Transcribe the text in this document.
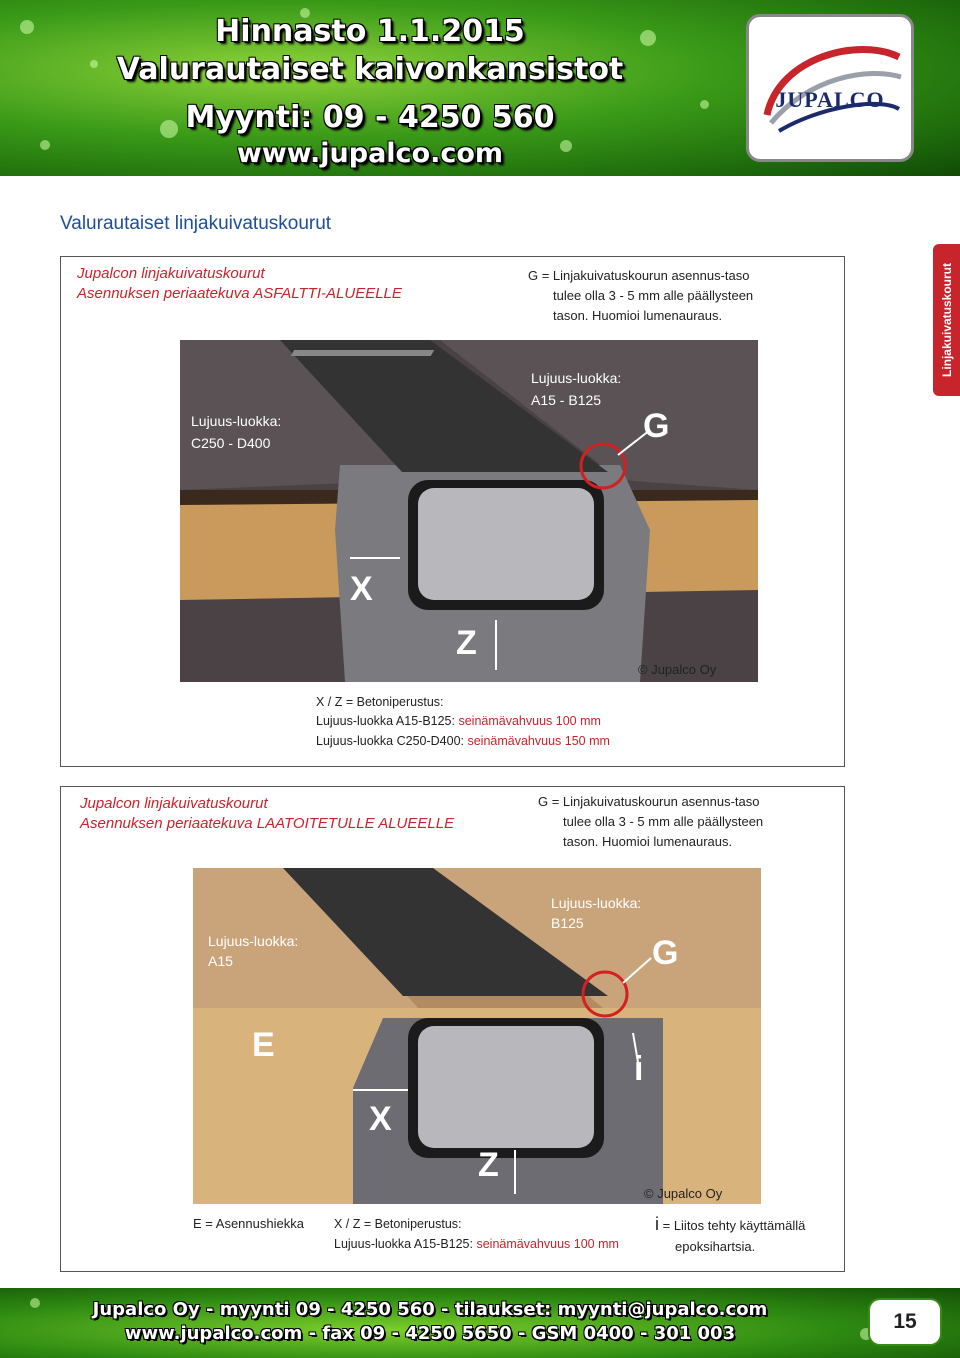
Hinnasto 1.1.2015
Valurautaiset kaivonkansistot
Myynti: 09 - 4250 560
www.jupalco.com
JUPALCO
Valurautaiset linjakuivatuskourut
Linjakuivatuskourut
Jupalcon linjakuivatuskourut
Asennuksen periaatekuva ASFALTTI-ALUEELLE
G = Linjakuivatuskourun asennus-taso
tulee olla 3 - 5 mm alle päällysteen
tason. Huomioi lumenauraus.
Lujuus-luokka:
C250 - D400
Lujuus-luokka:
A15 - B125
G
X
Z
© Jupalco Oy
X / Z = Betoniperustus:
Lujuus-luokka A15-B125: seinämävahvuus 100 mm
Lujuus-luokka C250-D400: seinämävahvuus 150 mm
Jupalcon linjakuivatuskourut
Asennuksen periaatekuva LAATOITETULLE ALUEELLE
G = Linjakuivatuskourun asennus-taso
tulee olla 3 - 5 mm alle päällysteen
tason. Huomioi lumenauraus.
Lujuus-luokka:
A15
Lujuus-luokka:
B125
G
E
i
X
Z
© Jupalco Oy
E = Asennushiekka X / Z = Betoniperustus:
Lujuus-luokka A15-B125: seinämävahvuus 100 mm
i = Liitos tehty käyttämällä
epoksihartsia.
Jupalco Oy - myynti 09 - 4250 560 - tilaukset: myynti@jupalco.com
www.jupalco.com - fax 09 - 4250 5650 - GSM 0400 - 301 003
15
